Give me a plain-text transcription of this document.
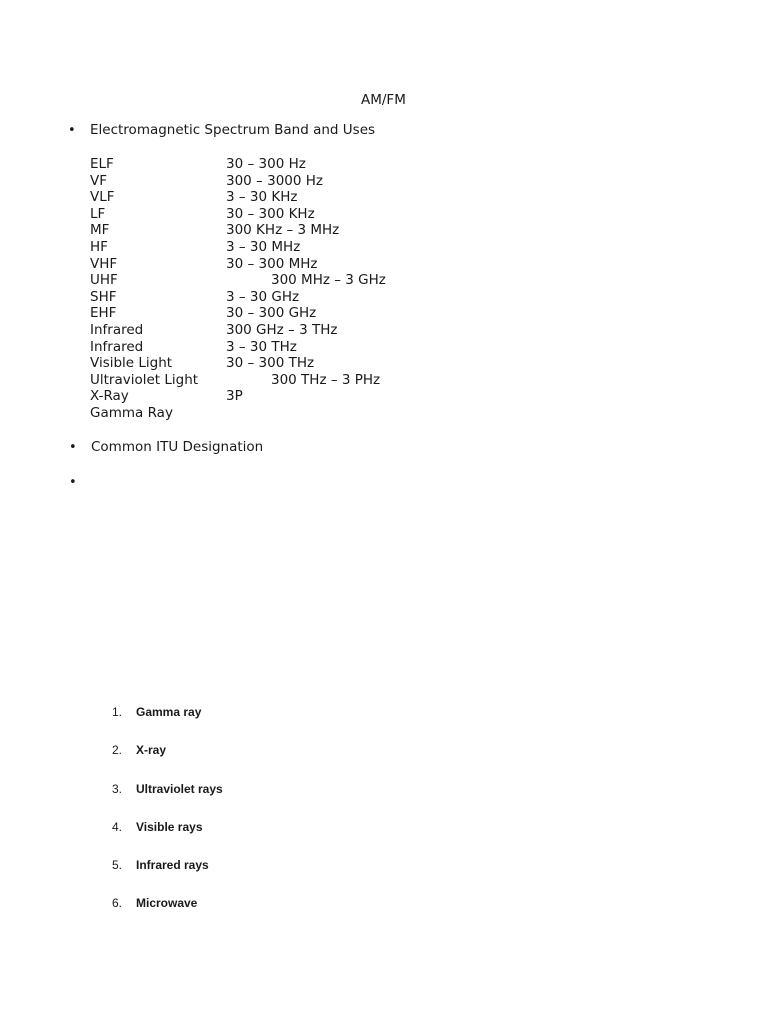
AM/FM
• Electromagnetic Spectrum Band and Uses
ELF	30 – 300 Hz
VF	300 – 3000 Hz
VLF	3 – 30 KHz
LF	30 – 300 KHz
MF	300 KHz – 3 MHz
HF	3 – 30 MHz
VHF	30 – 300 MHz
UHF	300 MHz – 3 GHz
SHF	3 – 30 GHz
EHF	30 – 300 GHz
Infrared	300 GHz – 3 THz
Infrared	3 – 30 THz
Visible Light	30 – 300 THz
Ultraviolet Light	300 THz – 3 PHz
X-Ray	3P
Gamma Ray
• Common ITU Designation
•
1. Gamma ray
2. X-ray
3. Ultraviolet rays
4. Visible rays
5. Infrared rays
6. Microwave
